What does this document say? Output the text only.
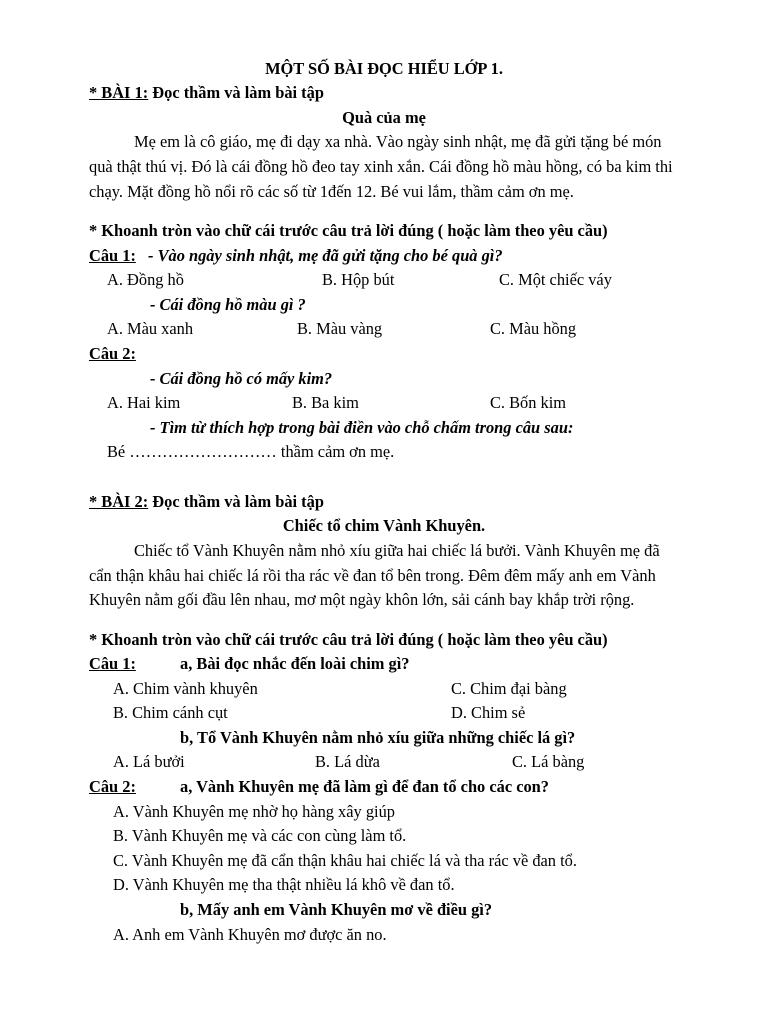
MỘT SỐ BÀI ĐỌC HIỂU LỚP 1.
* BÀI 1: Đọc thầm và làm bài tập
Quà của mẹ
Mẹ em là cô giáo, mẹ đi dạy xa nhà. Vào ngày sinh nhật, mẹ đã gửi tặng bé món
quà thật thú vị. Đó là cái đồng hồ đeo tay xinh xắn. Cái đồng hồ màu hồng, có ba kim thi
chạy. Mặt đồng hồ nổi rõ các số từ 1đến 12. Bé vui lắm, thầm cảm ơn mẹ.
* Khoanh tròn vào chữ cái trước câu trả lời đúng ( hoặc làm theo yêu cầu)
Câu 1: - Vào ngày sinh nhật, mẹ đã gửi tặng cho bé quà gì?
A. Đồng hồ	B. Hộp bút	C. Một chiếc váy
- Cái đồng hồ màu gì ?
A. Màu xanh	B. Màu vàng	C. Màu hồng
Câu 2:
- Cái đồng hồ có mấy kim?
A. Hai kim	B. Ba kim	C. Bốn kim
- Tìm từ thích hợp trong bài điền vào chỗ chấm trong câu sau:
Bé ……………………… thầm cảm ơn mẹ.
* BÀI 2: Đọc thầm và làm bài tập
Chiếc tổ chim Vành Khuyên.
Chiếc tổ Vành Khuyên nằm nhỏ xíu giữa hai chiếc lá bưởi. Vành Khuyên mẹ đã
cẩn thận khâu hai chiếc lá rồi tha rác về đan tổ bên trong. Đêm đêm mấy anh em Vành
Khuyên nằm gối đầu lên nhau, mơ một ngày khôn lớn, sải cánh bay khắp trời rộng.
* Khoanh tròn vào chữ cái trước câu trả lời đúng ( hoặc làm theo yêu cầu)
Câu 1:	a, Bài đọc nhắc đến loài chim gì?
A. Chim vành khuyên	C. Chim đại bàng
B. Chim cánh cụt	D. Chim sẻ
b, Tổ Vành Khuyên nằm nhỏ xíu giữa những chiếc lá gì?
A. Lá bưởi	B. Lá dừa	C. Lá bàng
Câu 2:	a, Vành Khuyên mẹ đã làm gì để đan tổ cho các con?
A. Vành Khuyên mẹ nhờ họ hàng xây giúp
B. Vành Khuyên mẹ và các con cùng làm tổ.
C. Vành Khuyên mẹ đã cẩn thận khâu hai chiếc lá và tha rác về đan tổ.
D. Vành Khuyên mẹ tha thật nhiều lá khô về đan tổ.
b, Mấy anh em Vành Khuyên mơ về điều gì?
A. Anh em Vành Khuyên mơ được ăn no.
